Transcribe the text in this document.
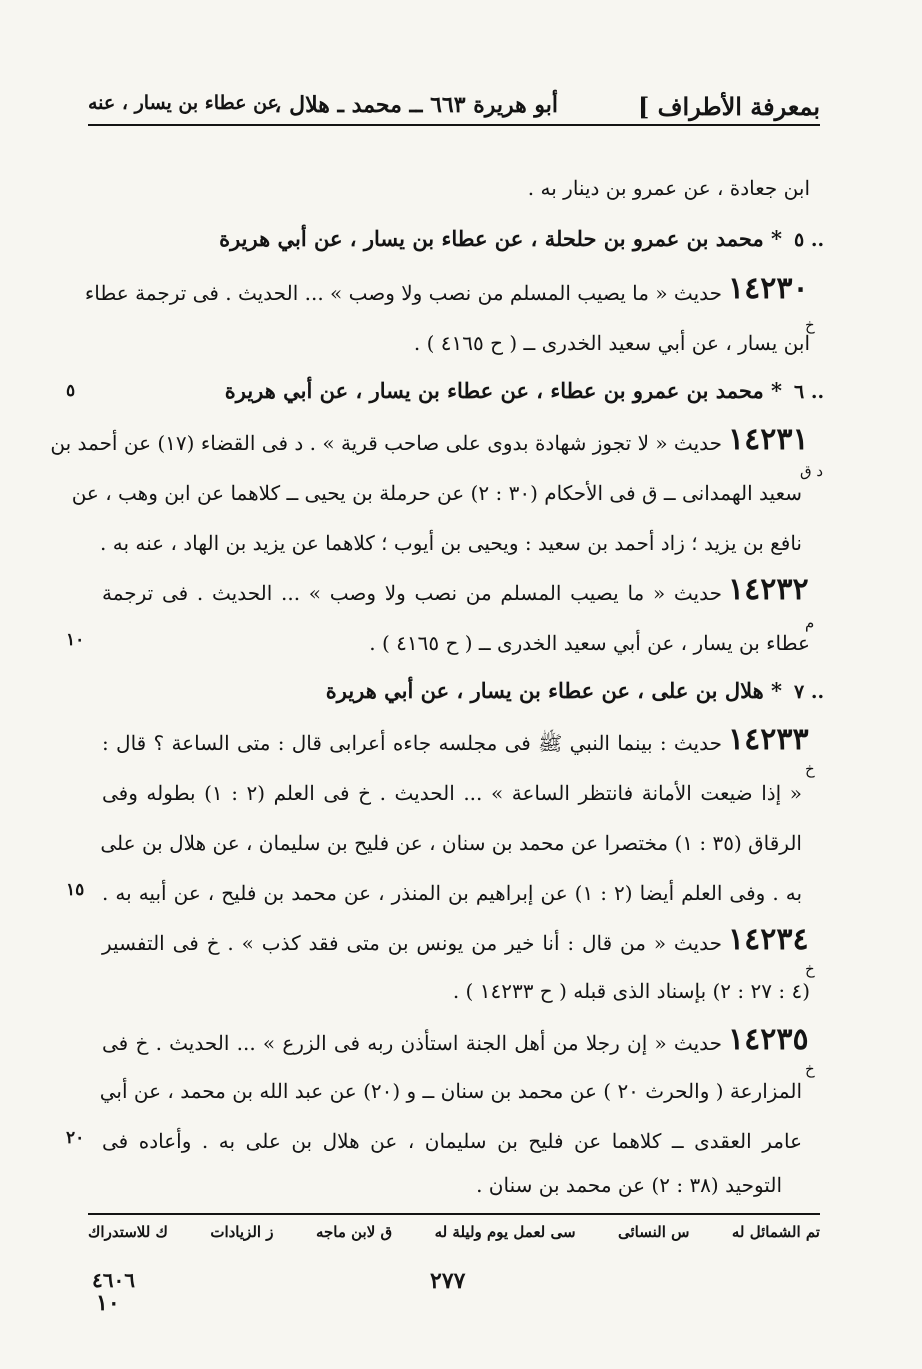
بمعرفة الأطراف ]
أبو هريرة ٦٦٣ ــ محمد ـ هلال ،
عن عطاء بن يسار ، عنه
ابن جعادة ، عن عمرو بن دينار به .
٥ ..
* محمد بن عمرو بن حلحلة ، عن عطاء بن يسار ، عن أبي هريرة
١٤٢٣٠
حديث « ما يصيب المسلم من نصب ولا وصب » ... الحديث . فى ترجمة عطاء
خ
ابن يسار ، عن أبي سعيد الخدرى ــ ( ح ٤١٦٥ ) .
٦ ..
٥	* محمد بن عمرو بن عطاء ، عن عطاء بن يسار ، عن أبي هريرة
١٤٢٣١
حديث « لا تجوز شهادة بدوى على صاحب قرية » . د فى القضاء (١٧) عن أحمد بن
د ق
سعيد الهمدانى ــ ق فى الأحكام (٣٠ : ٢) عن حرملة بن يحيى ــ كلاهما عن ابن وهب ، عن
نافع بن يزيد ؛ زاد أحمد بن سعيد : ويحيى بن أيوب ؛ كلاهما عن يزيد بن الهاد ، عنه به .
١٤٢٣٢
حديث « ما يصيب المسلم من نصب ولا وصب » ... الحديث . فى ترجمة
م
عطاء بن يسار ، عن أبي سعيد الخدرى ــ ( ح ٤١٦٥ ) .
١٠
٧ ..
* هلال بن على ، عن عطاء بن يسار ، عن أبي هريرة
١٤٢٣٣
حديث : بينما النبي ﷺ فى مجلسه جاءه أعرابى قال : متى الساعة ؟ قال :
خ
« إذا ضيعت الأمانة فانتظر الساعة » ... الحديث . خ فى العلم (٢ : ١) بطوله وفى
الرقاق (٣٥ : ١) مختصرا عن محمد بن سنان ، عن فليح بن سليمان ، عن هلال بن على
به . وفى العلم أيضا (٢ : ١) عن إبراهيم بن المنذر ، عن محمد بن فليح ، عن أبيه به .
١٥
١٤٢٣٤
حديث « من قال : أنا خير من يونس بن متى فقد كذب » . خ فى التفسير
خ
(٤ : ٢٧ : ٢) بإسناد الذى قبله ( ح ١٤٢٣٣ ) .
١٤٢٣٥
حديث « إن رجلا من أهل الجنة استأذن ربه فى الزرع » ... الحديث . خ فى
خ
المزارعة ( والحرث ٢٠ ) عن محمد بن سنان ــ و (٢٠) عن عبد الله بن محمد ، عن أبي
عامر العقدى ــ كلاهما عن فليح بن سليمان ، عن هلال بن على به . وأعاده فى
٢٠
التوحيد (٣٨ : ٢) عن محمد بن سنان .
تم الشمائل له
س النسائى
سى لعمل يوم وليلة له
ق لابن ماجه
ز الزيادات
ك للاستدراك
٤٦٠٦	٢٧٧
١٠
